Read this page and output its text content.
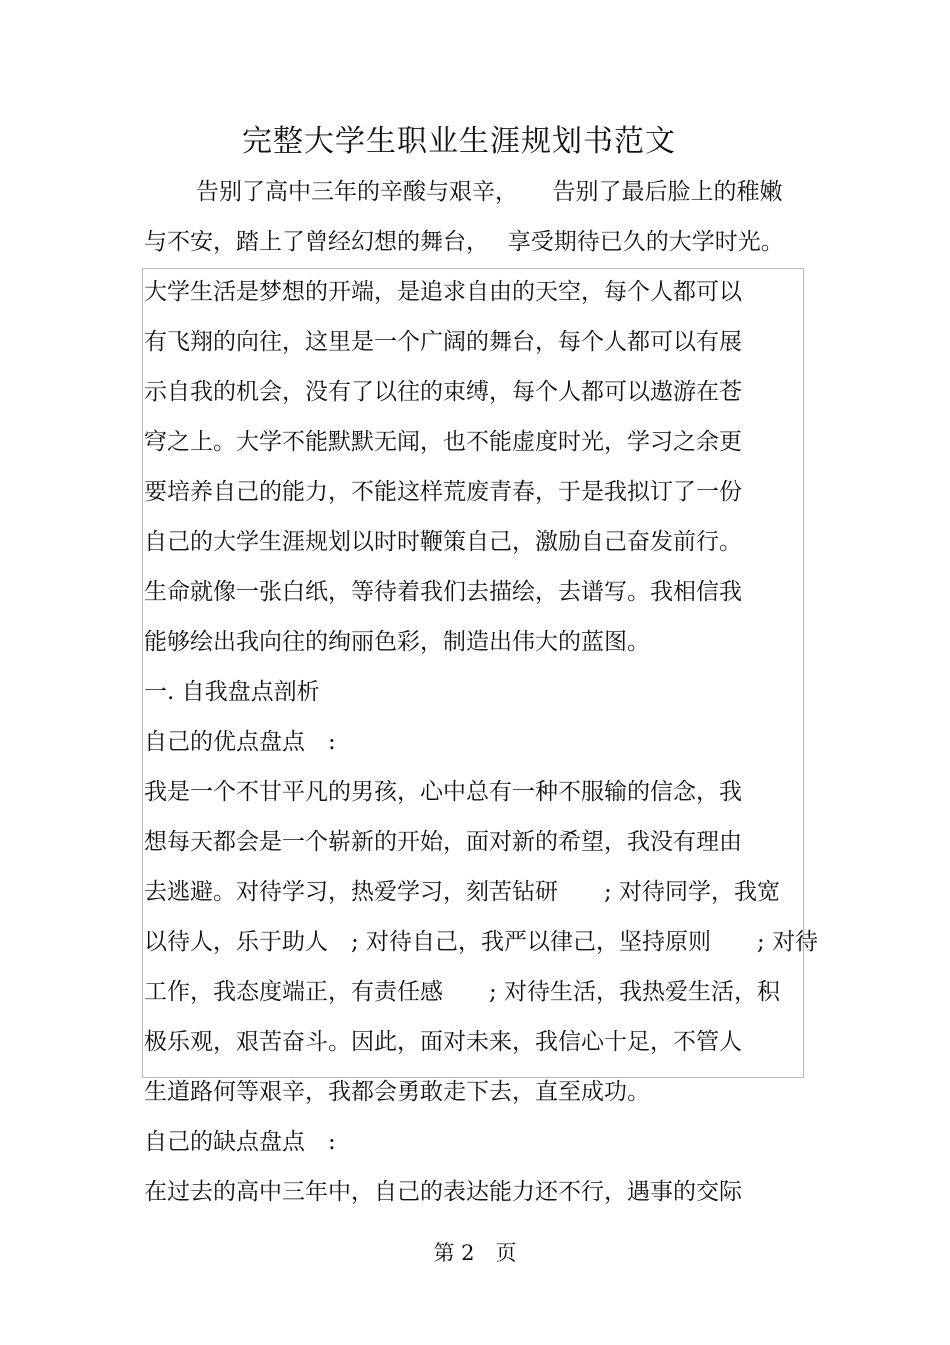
完整大学生职业生涯规划书范文

告别了高中三年的辛酸与艰辛，　　告别了最后脸上的稚嫩

与不安，踏上了曾经幻想的舞台，　 享受期待已久的大学时光。

大学生活是梦想的开端，是追求自由的天空，每个人都可以

有飞翔的向往，这里是一个广阔的舞台，每个人都可以有展

示自我的机会，没有了以往的束缚，每个人都可以遨游在苍

穹之上。大学不能默默无闻，也不能虚度时光，学习之余更

要培养自己的能力，不能这样荒废青春，于是我拟订了一份

自己的大学生涯规划以时时鞭策自己，激励自己奋发前行。

生命就像一张白纸，等待着我们去描绘，去谱写。我相信我

能够绘出我向往的绚丽色彩，制造出伟大的蓝图。

一. 自我盘点剖析

自己的优点盘点　:

我是一个不甘平凡的男孩，心中总有一种不服输的信念，我

想每天都会是一个崭新的开始，面对新的希望，我没有理由

去逃避。对待学习，热爱学习，刻苦钻研　　; 对待同学，我宽

以待人，乐于助人　; 对待自己，我严以律己，坚持原则　　; 对待

工作，我态度端正，有责任感　　; 对待生活，我热爱生活，积

极乐观，艰苦奋斗。因此，面对未来，我信心十足，不管人

生道路何等艰辛，我都会勇敢走下去，直至成功。

自己的缺点盘点　:

在过去的高中三年中，自己的表达能力还不行，遇事的交际

第 2　页
